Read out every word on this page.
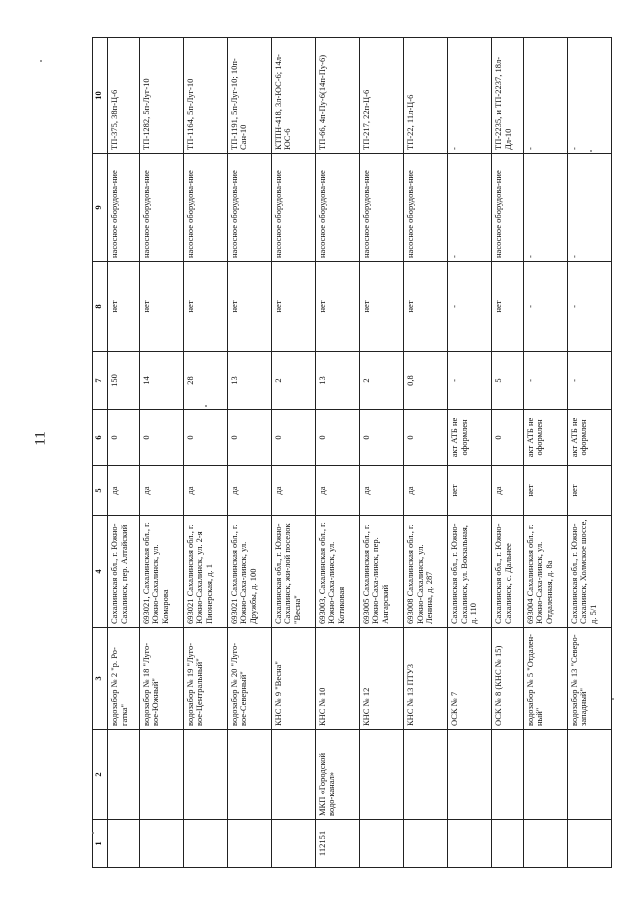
11
1	2	3	4	5	6	7	8	9	10
		водозабор № 2 "р. Ро-гатка"	Сахалинская обл., г. Южно-Сахалинск, пер. Алтайский	да	0	150	нет	насосное оборудова-ние	ТП-375, 38п-Ц-6
		водозабор № 18 "Луго-вое-Южный"	693021, Сахалинская обл., г. Южно-Сахалинск, ул. Комарова	да	0	14	нет	насосное оборудова-ние	ТП-1282, 5п-Луг-10
		водозабор № 19 "Луго-вое-Центральный"	693021 Сахалинская обл., г. Южно-Сахалинск, ул. 2-я Пионерская, д. 1	да	0	28	нет	насосное оборудова-ние	ТП-1164, 5п-Луг-10
		водозабор № 20 "Луго-вое-Северный"	693021 Сахалинская обл., г. Южно-Саха-линск, ул. Дружбы, д. 100	да	0	13	нет	насосное оборудова-ние	ТП-1191, 5п-Луг-10; 10п-Сан-10
		КНС № 9 "Весна"	Сахалинская обл., г. Южно-Сахалинск, жи-лой поселок "Весна"	да	0	2	нет	насосное оборудова-ние	КТПН-418, 3л-ЮС-6; 14л-ЮС-6
112151	МКП «Городской водо-канал»	КНС № 10	693003, Сахалинская обл., г. Южно-Саха-линск, ул. Котиковая	да	0	13	нет	насосное оборудова-ние	ТП-66, 4п-Пу-6(14п-Пу-6)
		КНС № 12	693005 Сахалинская обл., г. Южно-Саха-линск, пер. Ангарский	да	0	2	нет	насосное оборудова-ние	ТП-217, 22п-Ц-6
		КНС № 13 ПТУ3	693008 Сахалинская обл., г. Южно-Сахалинск, ул. Ленина, д. 287	да	0	0,8	нет	насосное оборудова-ние	ТП-22, 11л-Ц-6
		ОСК № 7	Сахалинская обл., г. Южно-Сахалинск, ул. Вокзальная, д. 110	нет	акт АТБ не оформлен	-	-	-	-
		ОСК № 8 (КНС № 15)	Сахалинская обл., г. Южно-Сахалинск, с. Дальнее	да	0	5	нет	насосное оборудова-ние	ТП-2235, и ТП-2237, 18л-Дл-10
		водозабор № 5 "Отдален-ный"	693004 Сахалинская обл., г. Южно-Саха-линск, ул. Отдаленная, д. 8а	нет	акт АТБ не оформлен	-	-	-	-
		водозабор № 13 "Северо-западный"	Сахалинская обл., г. Южно-Сахалинск, Холмское шоссе, д. 5/1	нет	акт АТБ не оформлен	-	-	-	-
